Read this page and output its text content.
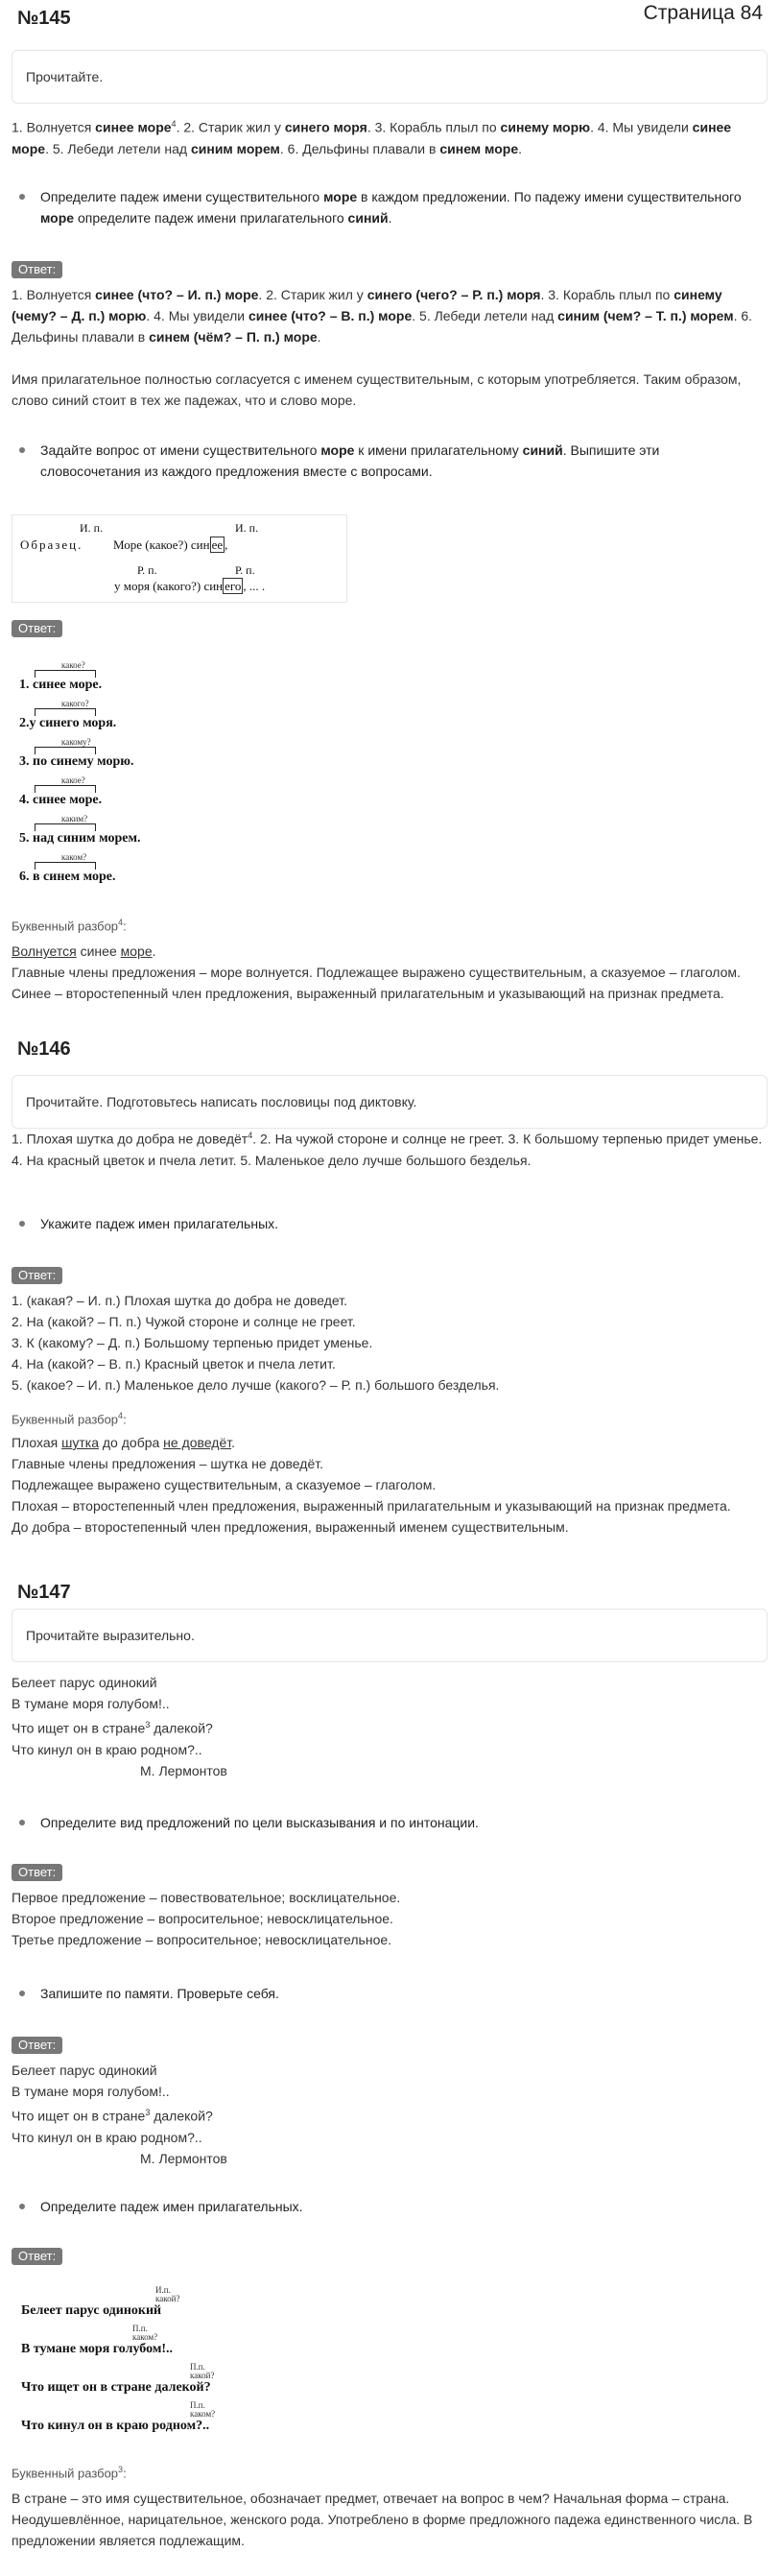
№145	Страница 84
Прочитайте.
1. Волнуется синее море$^4$. 2. Старик жил у синего моря. 3. Корабль плыл по синему морю. 4. Мы увидели синее море. 5. Лебеди летели над синим морем. 6. Дельфины плавали в синем море.
Определите падеж имени существительного море в каждом предложении. По падежу имени существительного море определите падеж имени прилагательного синий.
Ответ:
1. Волнуется синее (что? – И. п.) море. 2. Старик жил у синего (чего? – Р. п.) моря. 3. Корабль плыл по синему (чему? – Д. п.) морю. 4. Мы увидели синее (что? – В. п.) море. 5. Лебеди летели над синим (чем? – Т. п.) морем. 6. Дельфины плавали в синем (чём? – П. п.) море.
Имя прилагательное полностью согласуется с именем существительным, с которым употребляется. Таким образом, слово синий стоит в тех же падежах, что и слово море.
Задайте вопрос от имени существительного море к имени прилагательному синий. Выпишите эти словосочетания из каждого предложения вместе с вопросами.
И. п.	И. п.
Образец. Море (какое?) син ее ,
Р. п.	Р. п.
у моря (какого?) син его , ... .
Ответ:
какое?
1. синее море.
какого?
2.у синего моря.
какому?
3. по синему морю.
какое?
4. синее море.
каким?
5. над синим морем.
каком?
6. в синем море.
Буквенный разбор$^4$:
Волнуется синее море.
Главные члены предложения – море волнуется. Подлежащее выражено существительным, а сказуемое – глаголом. Синее – второстепенный член предложения, выраженный прилагательным и указывающий на признак предмета.
№146
Прочитайте. Подготовьтесь написать пословицы под диктовку.
1. Плохая шутка до добра не доведёт$^4$. 2. На чужой стороне и солнце не греет. 3. К большому терпенью придет уменье. 4. На красный цветок и пчела летит. 5. Маленькое дело лучше большого безделья.
Укажите падеж имен прилагательных.
Ответ:
1. (какая? – И. п.) Плохая шутка до добра не доведет.
2. На (какой? – П. п.) Чужой стороне и солнце не греет.
3. К (какому? – Д. п.) Большому терпенью придет уменье.
4. На (какой? – В. п.) Красный цветок и пчела летит.
5. (какое? – И. п.) Маленькое дело лучше (какого? – Р. п.) большого безделья.
Буквенный разбор$^4$:
Плохая шутка до добра не доведёт.
Главные члены предложения – шутка не доведёт.
Подлежащее выражено существительным, а сказуемое – глаголом.
Плохая – второстепенный член предложения, выраженный прилагательным и указывающий на признак предмета.
До добра – второстепенный член предложения, выраженный именем существительным.
№147
Прочитайте выразительно.
Белеет парус одинокий
В тумане моря голубом!..
Что ищет он в стране$^3$ далекой?
Что кинул он в краю родном?..
М. Лермонтов
Определите вид предложений по цели высказывания и по интонации.
Ответ:
Первое предложение – повествовательное; восклицательное.
Второе предложение – вопросительное; невосклицательное.
Третье предложение – вопросительное; невосклицательное.
Запишите по памяти. Проверьте себя.
Ответ:
Белеет парус одинокий
В тумане моря голубом!..
Что ищет он в стране$^3$ далекой?
Что кинул он в краю родном?..
М. Лермонтов
Определите падеж имен прилагательных.
Ответ:
И.п.
какой?
Белеет парус одинокий
П.п.
каком?
В тумане моря голубом!..
П.п.
какой?
Что ищет он в стране далекой?
П.п.
каком?
Что кинул он в краю родном?..
Буквенный разбор$^3$:
В стране – это имя существительное, обозначает предмет, отвечает на вопрос в чем? Начальная форма – страна. Неодушевлённое, нарицательное, женского рода. Употреблено в форме предложного падежа единственного числа. В предложении является подлежащим.
